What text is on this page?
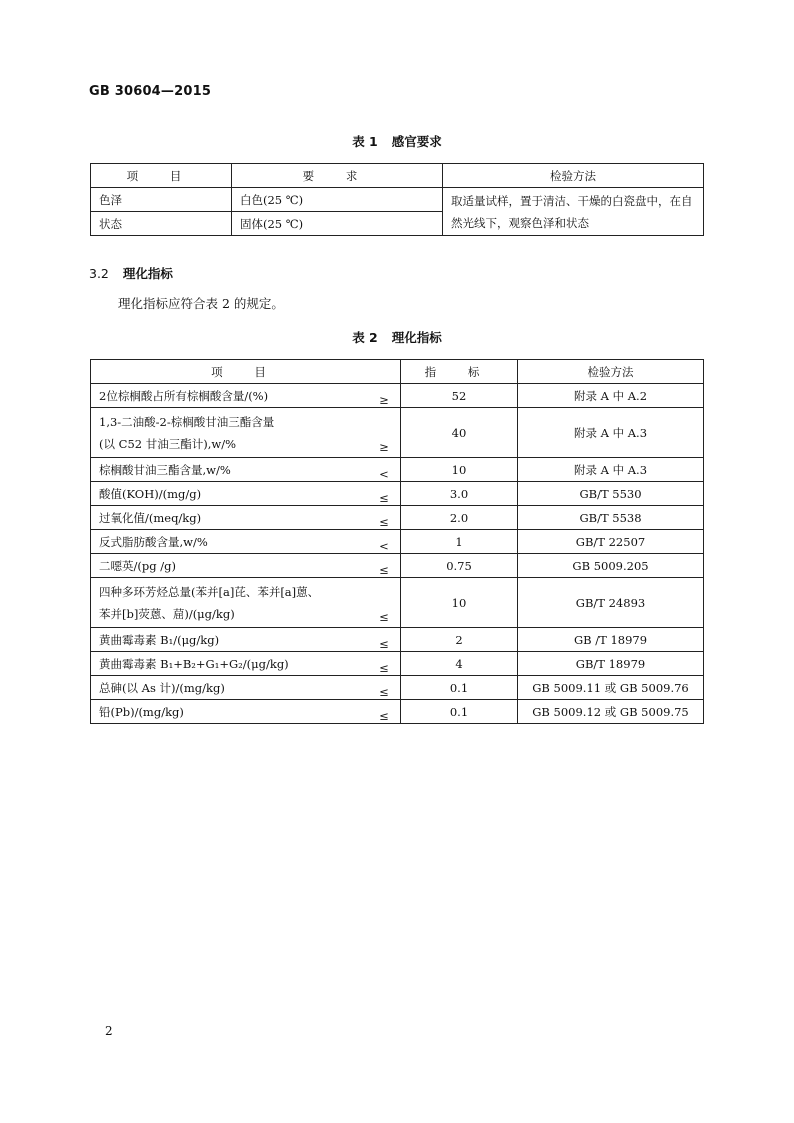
GB 30604—2015
表 1 感官要求
项 目	要 求	检验方法
色泽	白色(25 ℃)	取适量试样，置于清洁、干燥的白瓷盘中，在自然光线下，观察色泽和状态
状态	固体(25 ℃)	
3.2 理化指标
理化指标应符合表 2 的规定。
表 2 理化指标
项 目		指 标	检验方法
2位棕榈酸占所有棕榈酸含量/(%)	≥	52	附录 A 中 A.2

1,3-二油酸-2-棕榈酸甘油三酯含量
(以 C52 甘油三酯计),w/%	≥	40	附录 A 中 A.3
棕榈酸甘油三酯含量,w/%	<	10	附录 A 中 A.3
酸值(KOH)/(mg/g)	≤	3.0	GB/T 5530
过氧化值/(meq/kg)	≤	2.0	GB/T 5538
反式脂肪酸含量,w/%	<	1	GB/T 22507
二噁英/(pg /g)	≤	0.75	GB 5009.205

四种多环芳烃总量(苯并[a]芘、苯并[a]蒽、
苯并[b]荧蒽、䓛)/(μg/kg)	≤	10	GB/T 24893
黄曲霉毒素 B₁/(μg/kg)	≤	2	GB /T 18979
黄曲霉毒素 B₁+B₂+G₁+G₂/(μg/kg)	≤	4	GB/T 18979
总砷(以 As 计)/(mg/kg)	≤	0.1	GB 5009.11 或 GB 5009.76
铅(Pb)/(mg/kg)	≤	0.1	GB 5009.12 或 GB 5009.75
2
